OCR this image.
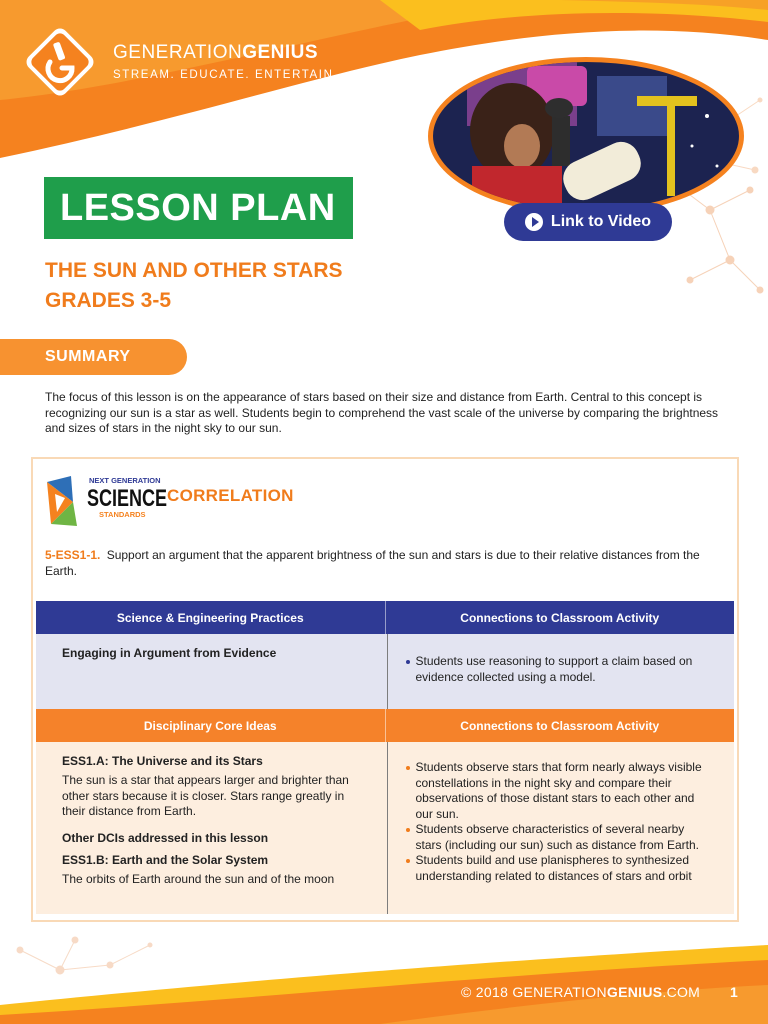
GENERATIONGENIUS
STREAM. EDUCATE. ENTERTAIN.
Link to Video
LESSON PLAN
THE SUN AND OTHER STARS
GRADES 3-5
SUMMARY

The focus of this lesson is on the appearance of stars based on their size and distance from Earth. Central to this concept is recognizing our sun is a star as well. Students begin to comprehend the vast scale of the universe by comparing the brightness and sizes of stars in the night sky to our sun.

NEXT GENERATION
SCIENCE
STANDARDS
CORRELATION

5-ESS1-1. Support an argument that the apparent brightness of the sun and stars is due to their relative distances from the Earth.

Science & Engineering Practices	Connections to Classroom Activity
Engaging in Argument from Evidence
Students use reasoning to support a claim based on evidence collected using a model.
Disciplinary Core Ideas	Connections to Classroom Activity
ESS1.A: The Universe and its Stars
The sun is a star that appears larger and brighter than other stars because it is closer. Stars range greatly in their distance from Earth.
Other DCIs addressed in this lesson
ESS1.B: Earth and the Solar System
The orbits of Earth around the sun and of the moon
Students observe stars that form nearly always visible constellations in the night sky and compare their observations of those distant stars to each other and our sun.
Students observe characteristics of several nearby stars (including our sun) such as distance from Earth.
Students build and use planispheres to synthesized understanding related to distances of stars and orbit
© 2018 GENERATIONGENIUS.COM 1
